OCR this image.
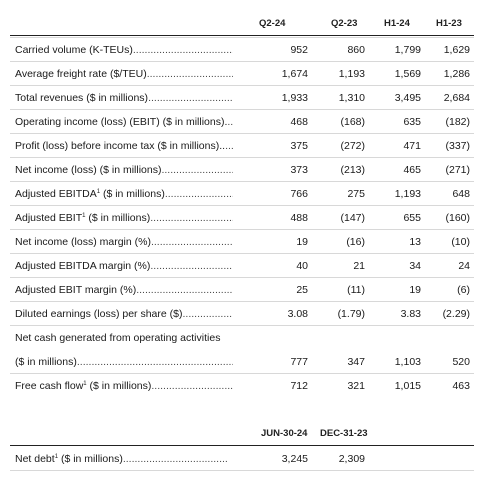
Q2-24	Q2-23	H1-24	H1-23
Carried volume (K-TEUs) .....	952	860	1,799	1,629
Average freight rate ($/TEU) .....	1,674	1,193	1,569	1,286
Total revenues ($ in millions) .....	1,933	1,310	3,495	2,684
Operating income (loss) (EBIT) ($ in millions). .....	468	(168)	635	(182)
Profit (loss) before income tax ($ in millions).. .....	375	(272)	471	(337)
Net income (loss) ($ in millions) .....	373	(213)	465	(271)
Adjusted EBITDA$^1$ ($ in millions) .....	766	275	1,193	648
Adjusted EBIT$^1$ ($ in millions) .....	488	(147)	655	(160)
Net income (loss) margin (%) .....	19	(16)	13	(10)
Adjusted EBITDA margin (%) .....	40	21	34	24
Adjusted EBIT margin (%) .....	25	(11)	19	(6)
Diluted earnings (loss) per share ($) .....	3.08	(1.79)	3.83	(2.29)
Net cash generated from operating activities
($ in millions) .....	777	347	1,103	520
Free cash flow$^1$ ($ in millions) .....	712	321	1,015	463
JUN-30-24 DEC-31-23
Net debt$^1$ ($ in millions) .....	3,245	2,309
